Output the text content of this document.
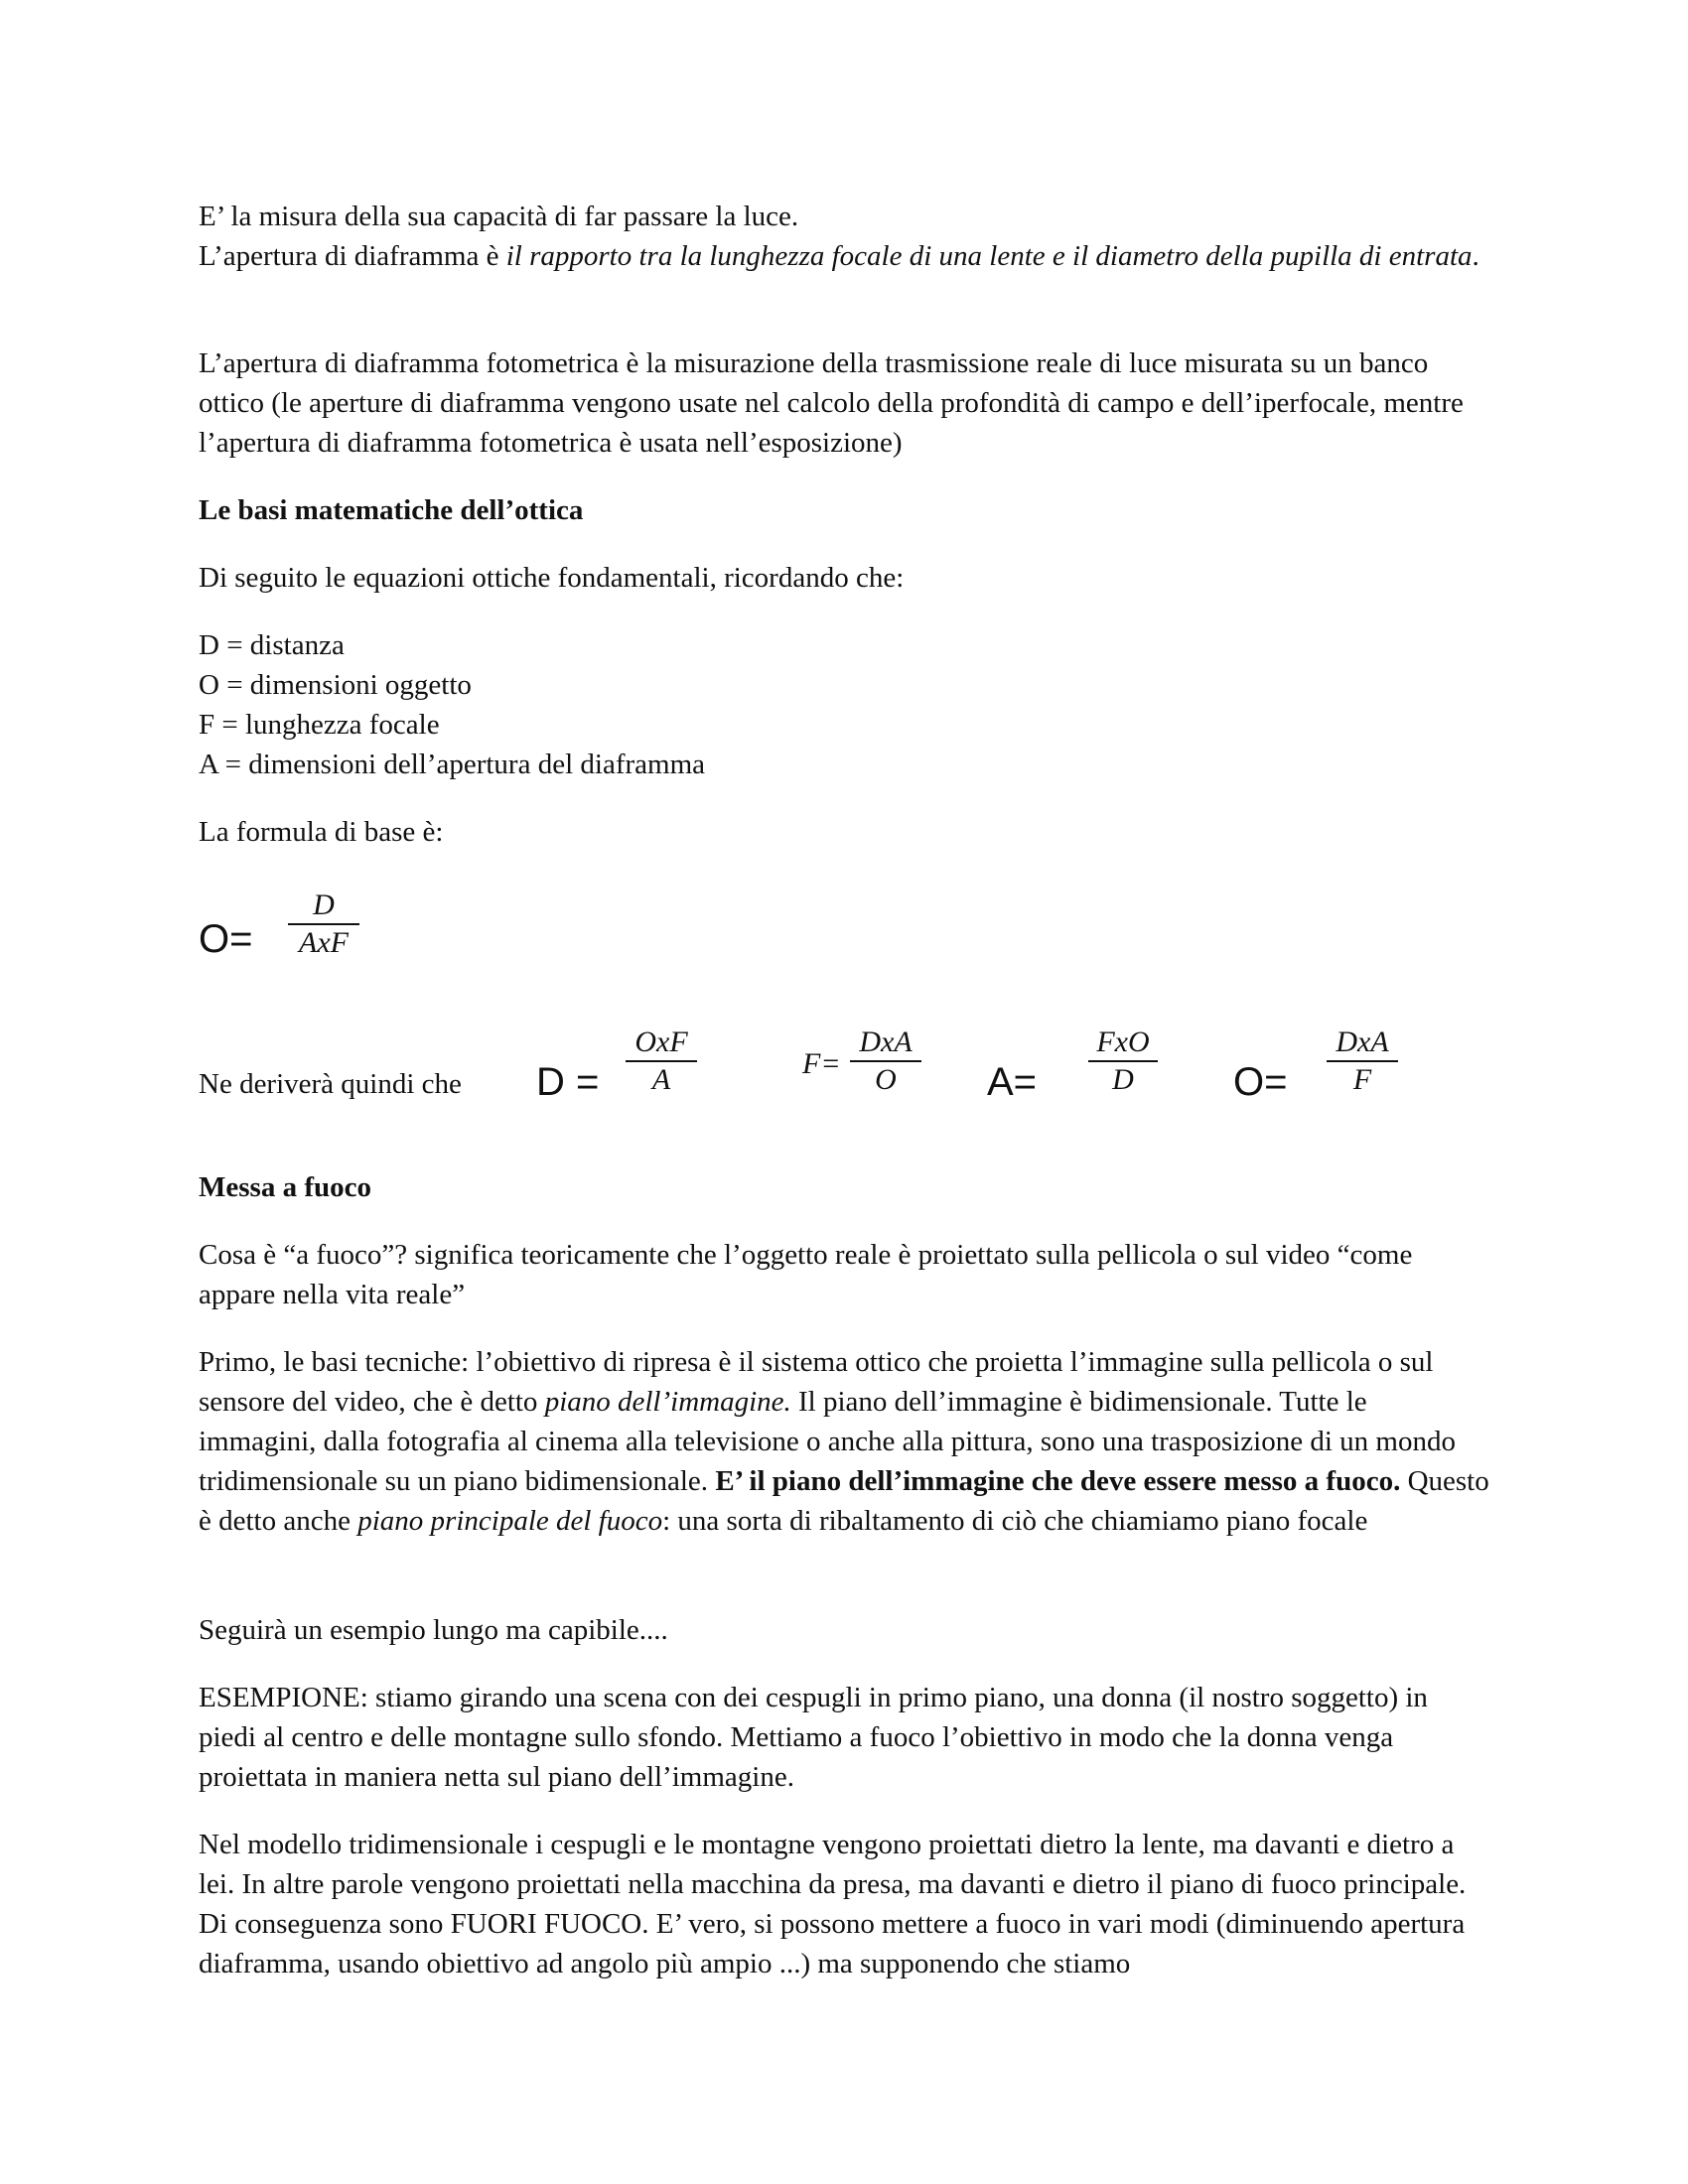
E’ la misura della sua capacità di far passare la luce.
L’apertura di diaframma è il rapporto tra la lunghezza focale di una lente e il diametro della pupilla di entrata.

L’apertura di diaframma fotometrica è la misurazione della trasmissione reale di luce misurata su un banco ottico (le aperture di diaframma vengono usate nel calcolo della profondità di campo e dell’iperfocale, mentre l’apertura di diaframma fotometrica è usata nell’esposizione)

Le basi matematiche dell’ottica

Di seguito le equazioni ottiche fondamentali, ricordando che:

D = distanza
O = dimensioni oggetto
F = lunghezza focale
A = dimensioni dell’apertura del diaframma

La formula di base è:

O=
D
AxF

Ne deriverà quindi che	D =
OxF
A	F=
DxA
O	A=
FxO
D	O=
DxA
F

Messa a fuoco

Cosa è “a fuoco”? significa teoricamente che l’oggetto reale è proiettato sulla pellicola o sul video “come appare nella vita reale”

Primo, le basi tecniche: l’obiettivo di ripresa è il sistema ottico che proietta l’immagine sulla pellicola o sul sensore del video, che è detto piano dell’immagine. Il piano dell’immagine è bidimensionale. Tutte le immagini, dalla fotografia al cinema alla televisione o anche alla pittura, sono una trasposizione di un mondo tridimensionale su un piano bidimensionale. E’ il piano dell’immagine che deve essere messo a fuoco. Questo è detto anche piano principale del fuoco: una sorta di ribaltamento di ciò che chiamiamo piano focale

Seguirà un esempio lungo ma capibile....

ESEMPIONE: stiamo girando una scena con dei cespugli in primo piano, una donna (il nostro soggetto) in piedi al centro e delle montagne sullo sfondo. Mettiamo a fuoco l’obiettivo in modo che la donna venga proiettata in maniera netta sul piano dell’immagine.

Nel modello tridimensionale i cespugli e le montagne vengono proiettati dietro la lente, ma davanti e dietro a lei. In altre parole vengono proiettati nella macchina da presa, ma davanti e dietro il piano di fuoco principale. Di conseguenza sono FUORI FUOCO. E’ vero, si possono mettere a fuoco in vari modi (diminuendo apertura diaframma, usando obiettivo ad angolo più ampio ...) ma supponendo che stiamo
